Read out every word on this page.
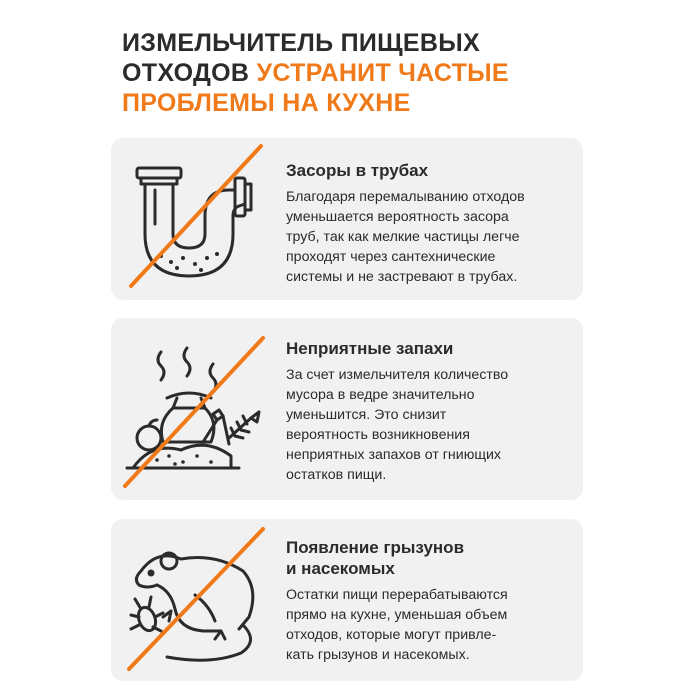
ИЗМЕЛЬЧИТЕЛЬ ПИЩЕВЫХ
ОТХОДОВ УСТРАНИТ ЧАСТЫЕ
ПРОБЛЕМЫ НА КУХНЕ
Засоры в трубах

Благодаря перемалыванию отходов
уменьшается вероятность засора
труб, так как мелкие частицы легче
проходят через сантехнические
системы и не застревают в трубах.

Неприятные запахи

За счет измельчителя количество
мусора в ведре значительно
уменьшится. Это снизит
вероятность возникновения
неприятных запахов от гниющих
остатков пищи.

Появление грызунов
и насекомых

Остатки пищи перерабатываются
прямо на кухне, уменьшая объем
отходов, которые могут привле-
кать грызунов и насекомых.
